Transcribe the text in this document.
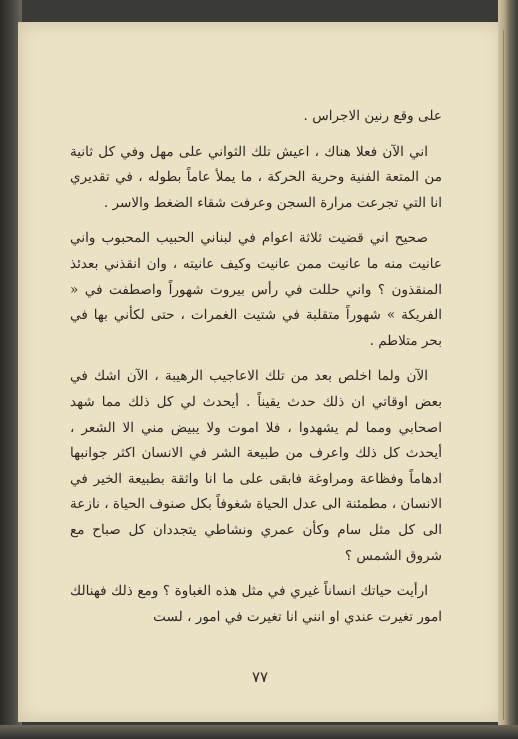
على وقع رنين الاجراس .

اني الآن فعلا هناك ، اعيش تلك الثواني على مهل وفي كل ثانية من المتعة الفنية وحرية الحركة ، ما يملأ عاماً بطوله ، في تقديري انا التي تجرعت مرارة السجن وعرفت شقاء الضغط والاسر .

صحيح اني قضيت ثلاثة اعوام في لبناني الحبيب المحبوب واني عانيت منه ما عانيت ممن عانيت وكيف عانيته ، وان انقذني بعدئذ المنقذون ؟ واني حللت في رأس بيروت شهوراً واصطفت في « الفريكة » شهوراً متقلبة في شتيت الغمرات ، حتى لكأني بها في بحر متلاطم .

الآن ولما اخلص بعد من تلك الاعاجيب الرهيبة ، الآن اشك في بعض اوقاتي ان ذلك حدث يقيناً . أيحدث لي كل ذلك مما شهد اصحابي ومما لم يشهدوا ، فلا اموت ولا يبيض مني الا الشعر ، أيحدث كل ذلك واعرف من طبيعة الشر في الانسان اكثر جوانبها ادهاماً وفظاعة ومراوغة فابقى على ما انا واثقة بطبيعة الخير في الانسان ، مطمئنة الى عدل الحياة شغوفاً بكل صنوف الحياة ، نازعة الى كل مثل سام وكأن عمري ونشاطي يتجددان كل صباح مع شروق الشمس ؟

ارأيت حياتك انساناً غيري في مثل هذه الغباوة ؟ ومع ذلك فهنالك امور تغيرت عندي او انني انا تغيرت في امور ، لست

٧٧
